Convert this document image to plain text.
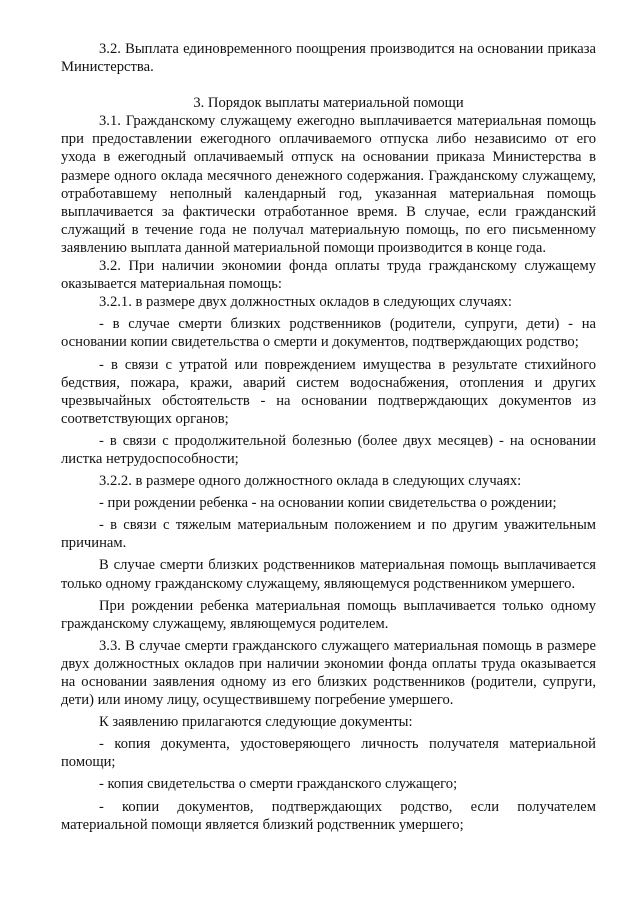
3.2. Выплата единовременного поощрения производится на основании приказа Министерства.

3. Порядок выплаты материальной помощи

3.1. Гражданскому служащему ежегодно выплачивается материальная помощь при предоставлении ежегодного оплачиваемого отпуска либо независимо от его ухода в ежегодный оплачиваемый отпуск на основании приказа Министерства в размере одного оклада месячного денежного содержания. Гражданскому служащему, отработавшему неполный календарный год, указанная материальная помощь выплачивается за фактически отработанное время. В случае, если гражданский служащий в течение года не получал материальную помощь, по его письменному заявлению выплата данной материальной помощи производится в конце года.

3.2. При наличии экономии фонда оплаты труда гражданскому служащему оказывается материальная помощь:

3.2.1. в размере двух должностных окладов в следующих случаях:

- в случае смерти близких родственников (родители, супруги, дети) - на основании копии свидетельства о смерти и документов, подтверждающих родство;

- в связи с утратой или повреждением имущества в результате стихийного бедствия, пожара, кражи, аварий систем водоснабжения, отопления и других чрезвычайных обстоятельств - на основании подтверждающих документов из соответствующих органов;

- в связи с продолжительной болезнью (более двух месяцев) - на основании листка нетрудоспособности;

3.2.2. в размере одного должностного оклада в следующих случаях:

- при рождении ребенка - на основании копии свидетельства о рождении;

- в связи с тяжелым материальным положением и по другим уважительным причинам.

В случае смерти близких родственников материальная помощь выплачивается только одному гражданскому служащему, являющемуся родственником умершего.

При рождении ребенка материальная помощь выплачивается только одному гражданскому служащему, являющемуся родителем.

3.3. В случае смерти гражданского служащего материальная помощь в размере двух должностных окладов при наличии экономии фонда оплаты труда оказывается на основании заявления одному из его близких родственников (родители, супруги, дети) или иному лицу, осуществившему погребение умершего.

К заявлению прилагаются следующие документы:

- копия документа, удостоверяющего личность получателя материальной помощи;

- копия свидетельства о смерти гражданского служащего;

- копии документов, подтверждающих родство, если получателем материальной помощи является близкий родственник умершего;
